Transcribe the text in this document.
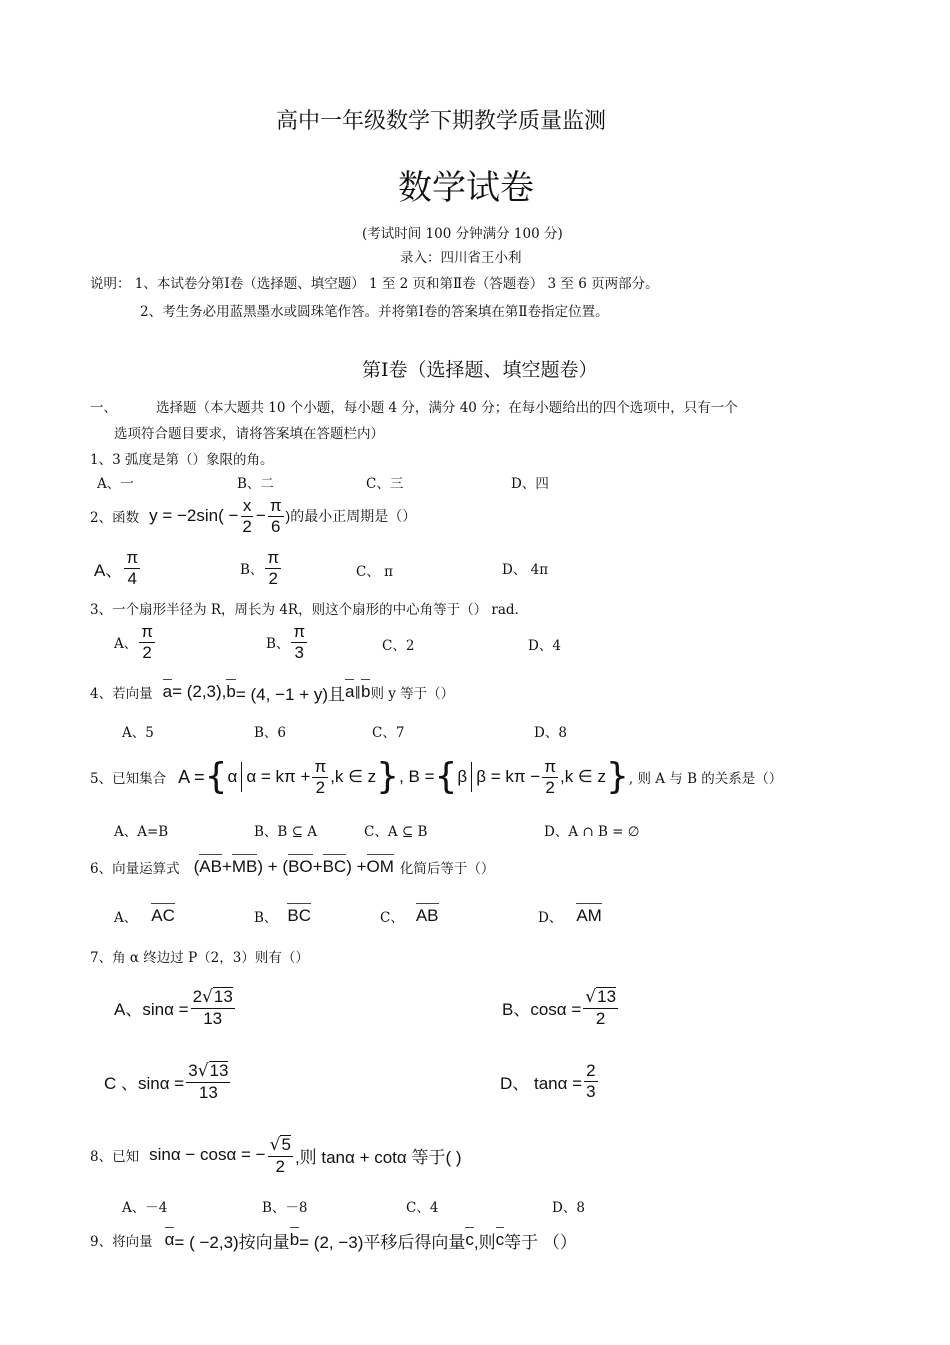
高中一年级数学下期教学质量监测
数学试卷
(考试时间 100 分钟满分 100 分)
录入：四川省王小利
说明： 1、本试卷分第Ⅰ卷（选择题、填空题） 1 至 2 页和第Ⅱ卷（答题卷） 3 至 6 页两部分。
2、考生务必用蓝黑墨水或圆珠笔作答。并将第Ⅰ卷的答案填在第Ⅱ卷指定位置。
第Ⅰ卷（选择题、填空题卷）
一、	选择题（本大题共 10 个小题，每小题 4 分，满分 40 分；在每小题给出的四个选项中，只有一个
选项符合题目要求，请将答案填在答题栏内）
1、3 弧度是第（）象限的角。
A、一	B、二	C、三	D、四
2、函数 $y = -2\sin( - \frac{x}{2} - \frac{\pi}{6}$ )的最小正周期是（）
A、 $\frac{\pi}{4}$	B、 $\frac{\pi}{2}$	C、 π	D、 4π
3、一个扇形半径为 R，周长为 4R，则这个扇形的中心角等于（） rad.
A、 $\frac{\pi}{2}$	B、 $\frac{\pi}{3}$	C、2	D、4
4、若向量 a = (2,3), b = (4, −1 + y)且 a ∥ b 则 y 等于（）
A、5	B、6	C、7	D、8
5、已知集合 A = { α $\alpha = k\pi + \frac{\pi}{2} ,k$ ∈ z } , B = { β $\beta = k\pi - \frac{\pi}{2} ,k$ ∈ z } , 则 A 与 B 的关系是（）
A、A=B	B、B ⊆ A	C、A ⊆ B	D、A ∩ B = ∅
6、向量运算式 ( AB + MB ) + ( BO + BC ) + OM 化简后等于（）
A、 AC	B、 BC	C、 AB	D、 AM
7、角 α 终边过 P（2，3）则有（）
A、$\sin\alpha = \frac{2√13}{13}$	B、$\cos\alpha = \frac{√13}{2}$
C 、$\sin\alpha = \frac{3√13}{13}$	D、 $\tan\alpha = \frac{2}{3}$
8、已知 sinα − cosα = − $\frac{√5}{2}$ ,则 tanα + cotα 等于( )
A、－4	B、－8	C、4	D、8
9、将向量 α = ( −2,3)按向量 b = (2, −3)平移后得向量 c ,则 c 等于 （）
